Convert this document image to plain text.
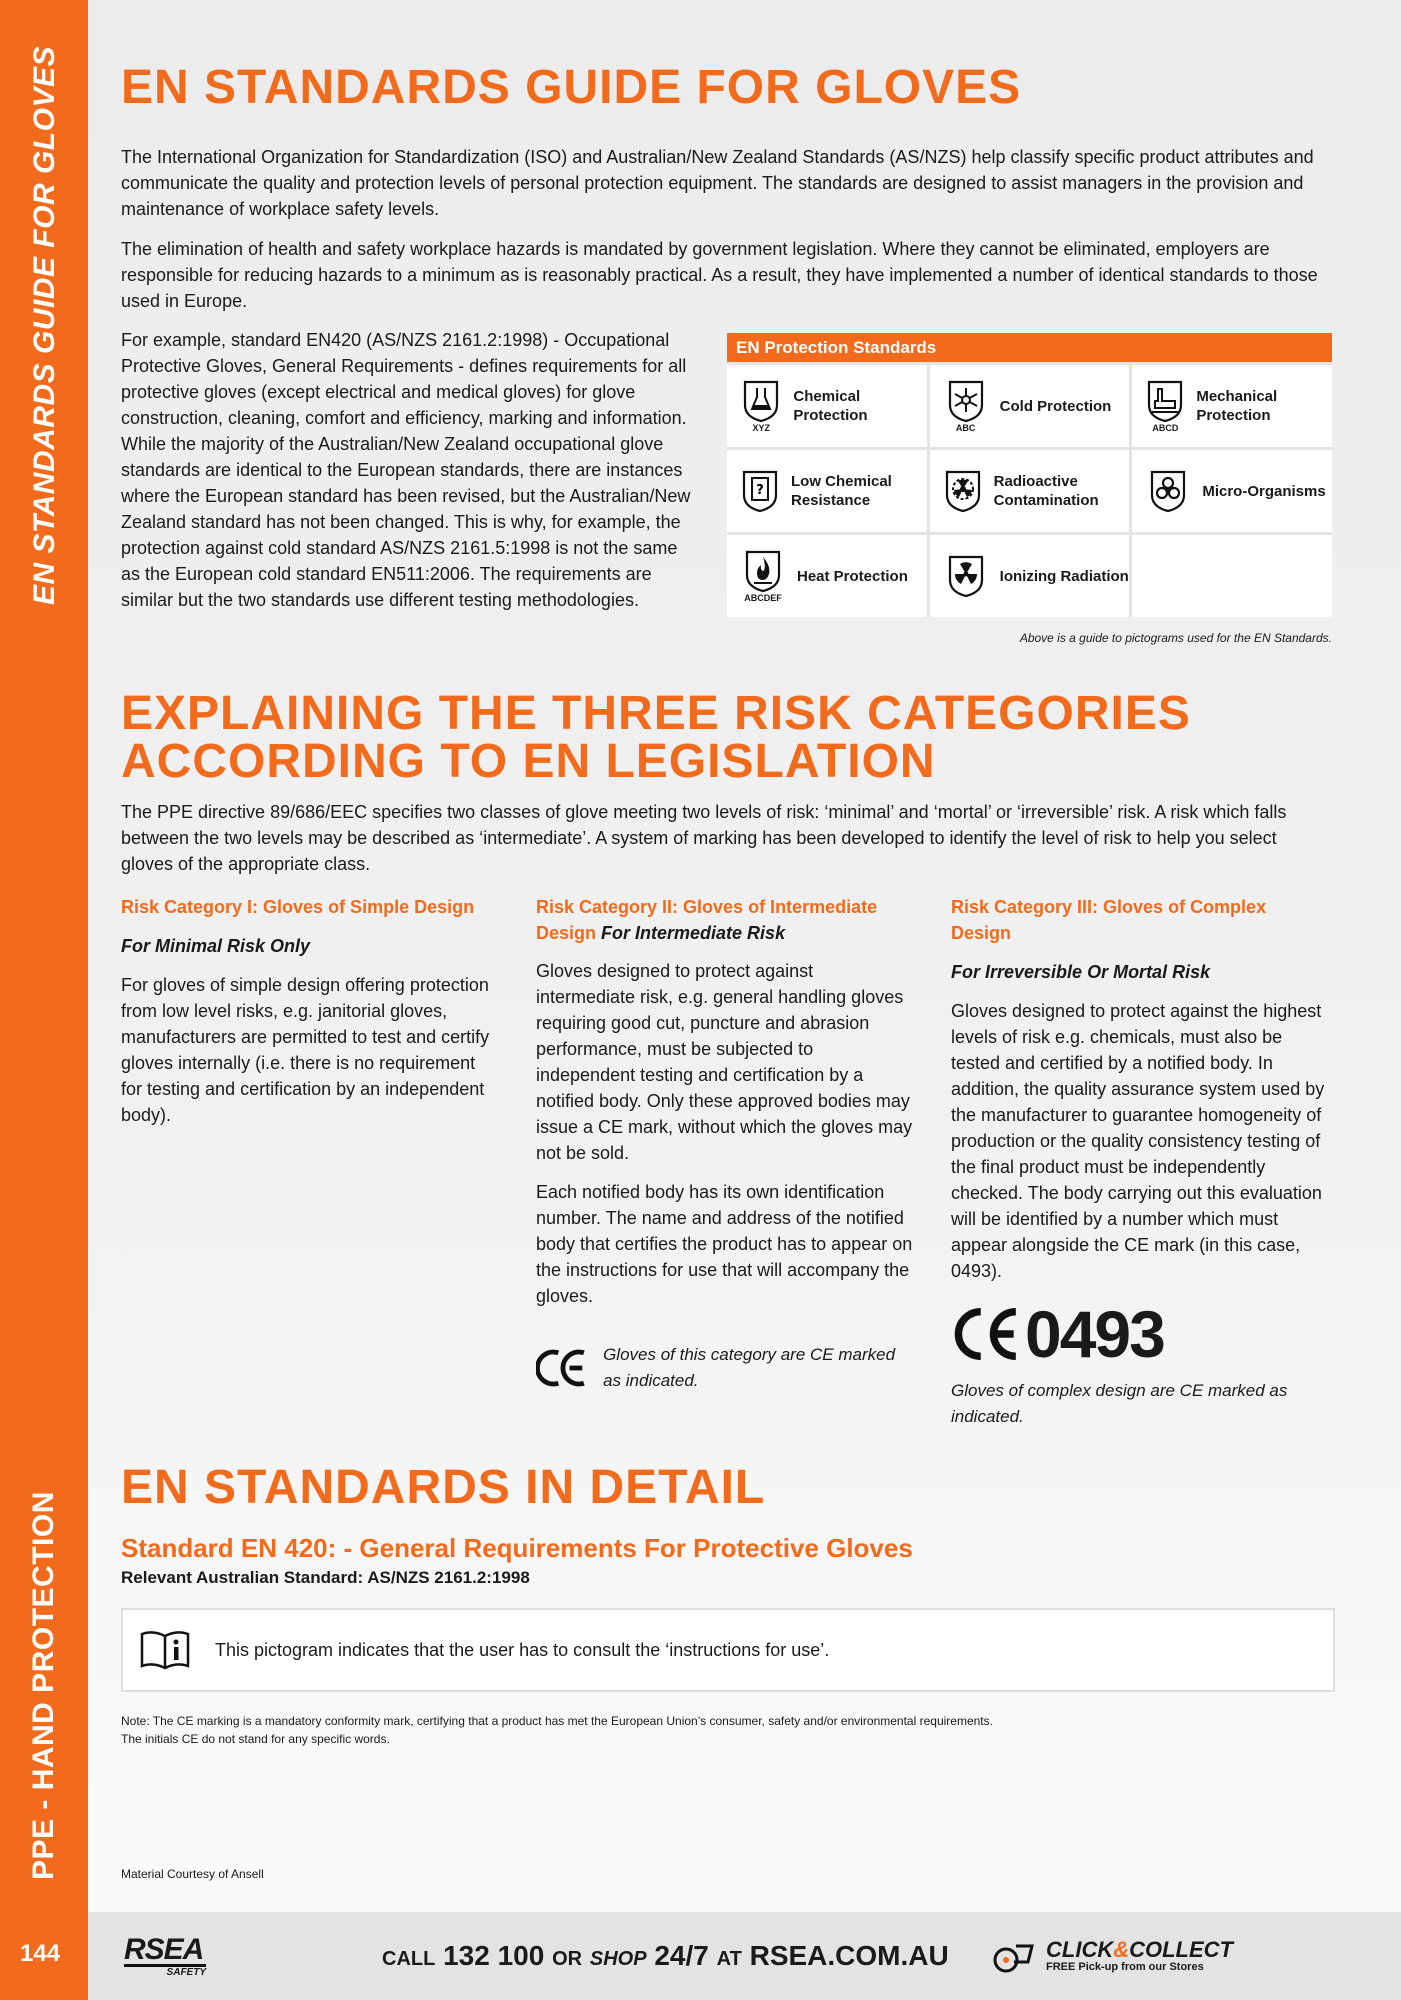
EN STANDARDS GUIDE FOR GLOVES
PPE - HAND PROTECTION
144
EN STANDARDS GUIDE FOR GLOVES

The International Organization for Standardization (ISO) and Australian/New Zealand Standards (AS/NZS) help classify specific product attributes and communicate the quality and protection levels of personal protection equipment. The standards are designed to assist managers in the provision and maintenance of workplace safety levels.

The elimination of health and safety workplace hazards is mandated by government legislation. Where they cannot be eliminated, employers are responsible for reducing hazards to a minimum as is reasonably practical. As a result, they have implemented a number of identical standards to those used in Europe.

For example, standard EN420 (AS/NZS 2161.2:1998) - Occupational Protective Gloves, General Requirements - defines requirements for all protective gloves (except electrical and medical gloves) for glove construction, cleaning, comfort and efficiency, marking and information. While the majority of the Australian/New Zealand occupational glove standards are identical to the European standards, there are instances where the European standard has been revised, but the Australian/New Zealand standard has not been changed. This is why, for example, the protection against cold standard AS/NZS 2161.5:1998 is not the same as the European cold standard EN511:2006. The requirements are similar but the two standards use different testing methodologies.

EN Protection Standards
XYZ
Chemical Protection
ABC
Cold Protection
ABCD
Mechanical Protection
?
Low Chemical Resistance
Radioactive Contamination
Micro-Organisms
ABCDEF
Heat Protection	Ionizing Radiation
Above is a guide to pictograms used for the EN Standards.
EXPLAINING THE THREE RISK CATEGORIES
ACCORDING TO EN LEGISLATION

The PPE directive 89/686/EEC specifies two classes of glove meeting two levels of risk: ‘minimal’ and ‘mortal’ or ‘irreversible’ risk. A risk which falls between the two levels may be described as ‘intermediate’. A system of marking has been developed to identify the level of risk to help you select gloves of the appropriate class.

Risk Category I: Gloves of Simple Design

For Minimal Risk Only

For gloves of simple design offering protection from low level risks, e.g. janitorial gloves, manufacturers are permitted to test and certify gloves internally (i.e. there is no requirement for testing and certification by an independent body).

Risk Category II: Gloves of Intermediate Design For Intermediate Risk

Gloves designed to protect against intermediate risk, e.g. general handling gloves requiring good cut, puncture and abrasion performance, must be subjected to independent testing and certification by a notified body. Only these approved bodies may issue a CE mark, without which the gloves may not be sold.

Each notified body has its own identification number. The name and address of the notified body that certifies the product has to appear on the instructions for use that will accompany the gloves.

Gloves of this category are CE marked as indicated.

Risk Category III: Gloves of Complex Design

For Irreversible Or Mortal Risk

Gloves designed to protect against the highest levels of risk e.g. chemicals, must also be tested and certified by a notified body. In addition, the quality assurance system used by the manufacturer to guarantee homogeneity of production or the quality consistency testing of the final product must be independently checked. The body carrying out this evaluation will be identified by a number which must appear alongside the CE mark (in this case, 0493).

0493

Gloves of complex design are CE marked as indicated.

EN STANDARDS IN DETAIL
Standard EN 420: - General Requirements For Protective Gloves
Relevant Australian Standard: AS/NZS 2161.2:1998
This pictogram indicates that the user has to consult the ‘instructions for use’.
Note: The CE marking is a mandatory conformity mark, certifying that a product has met the European Union’s consumer, safety and/or environmental requirements.
The initials CE do not stand for any specific words.
Material Courtesy of Ansell
RSEA
SAFETY
CALL 132 100 OR SHOP 24/7 AT RSEA.COM.AU	CLICK&COLLECT
FREE Pick-up from our Stores
